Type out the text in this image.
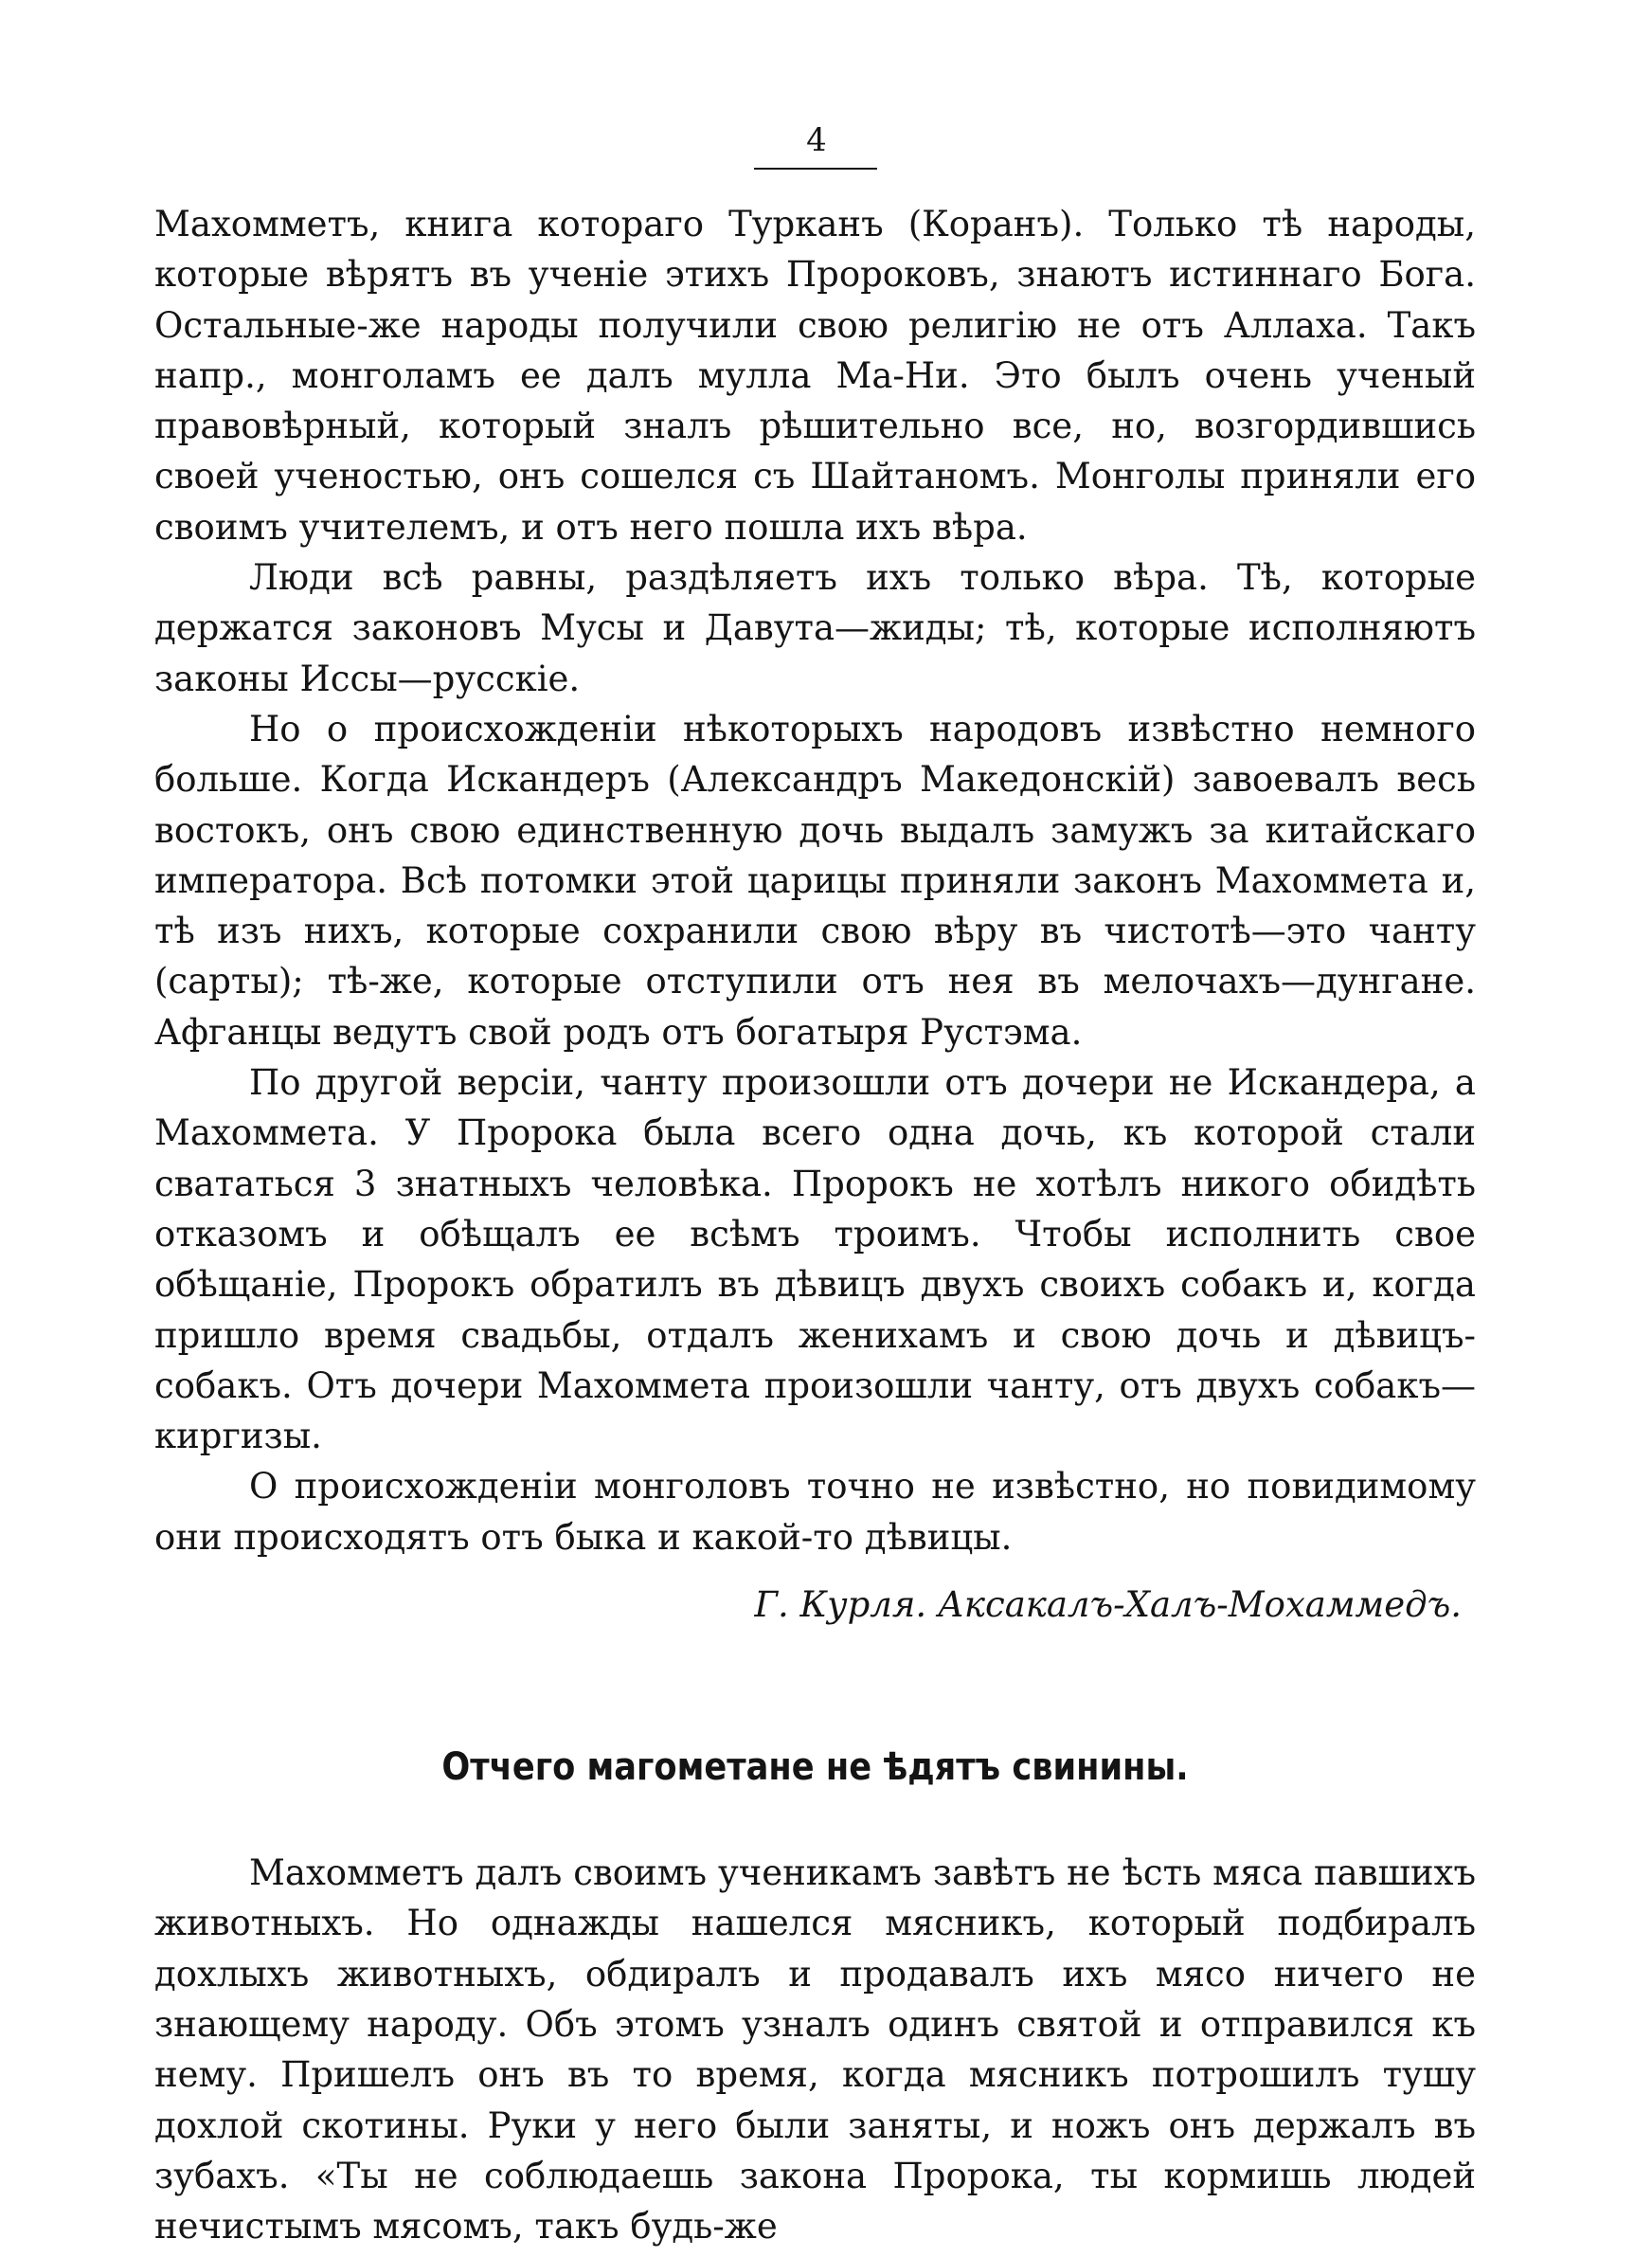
4

Махомметъ, книга котораго Турканъ (Коранъ). Только тѣ народы, которые вѣрятъ въ ученіе этихъ Пророковъ, знаютъ истиннаго Бога. Остальные-же народы получили свою религію не отъ Аллаха. Такъ напр., монголамъ ее далъ мулла Ма-Ни. Это былъ очень ученый правовѣрный, который зналъ рѣшительно все, но, возгордившись своей ученостью, онъ сошелся съ Шайтаномъ. Монголы приняли его своимъ учителемъ, и отъ него пошла ихъ вѣра.

Люди всѣ равны, раздѣляетъ ихъ только вѣра. Тѣ, которые держатся законовъ Мусы и Давута—жиды; тѣ, которые исполняютъ законы Иссы—русскіе.

Но о происхожденіи нѣкоторыхъ народовъ извѣстно немного больше. Когда Искандеръ (Александръ Македонскій) завоевалъ весь востокъ, онъ свою единственную дочь выдалъ замужъ за китайскаго императора. Всѣ потомки этой царицы приняли законъ Махоммета и, тѣ изъ нихъ, которые сохранили свою вѣру въ чистотѣ—это чанту (сарты); тѣ-же, которые отступили отъ нея въ мелочахъ—дунгане. Афганцы ведутъ свой родъ отъ богатыря Рустэма.

По другой версіи, чанту произошли отъ дочери не Искандера, а Махоммета. У Пророка была всего одна дочь, къ которой стали свататься 3 знатныхъ человѣка. Пророкъ не хотѣлъ никого обидѣть отказомъ и обѣщалъ ее всѣмъ троимъ. Чтобы исполнить свое обѣщаніе, Пророкъ обратилъ въ дѣвицъ двухъ своихъ собакъ и, когда пришло время свадьбы, отдалъ женихамъ и свою дочь и дѣвицъ-собакъ. Отъ дочери Махоммета произошли чанту, отъ двухъ собакъ—киргизы.

О происхожденіи монголовъ точно не извѣстно, но повидимому они происходятъ отъ быка и какой-то дѣвицы.

Г. Курля. Аксакалъ-Халъ-Мохаммедъ.

Отчего магометане не ѣдятъ свинины.

Махомметъ далъ своимъ ученикамъ завѣтъ не ѣсть мяса павшихъ животныхъ. Но однажды нашелся мясникъ, который подбиралъ дохлыхъ животныхъ, обдиралъ и продавалъ ихъ мясо ничего не знающему народу. Объ этомъ узналъ одинъ святой и отправился къ нему. Пришелъ онъ въ то время, когда мясникъ потрошилъ тушу дохлой скотины. Руки у него были заняты, и ножъ онъ держалъ въ зубахъ. «Ты не соблюдаешь закона Пророка, ты кормишь людей нечистымъ мясомъ, такъ будь-же
